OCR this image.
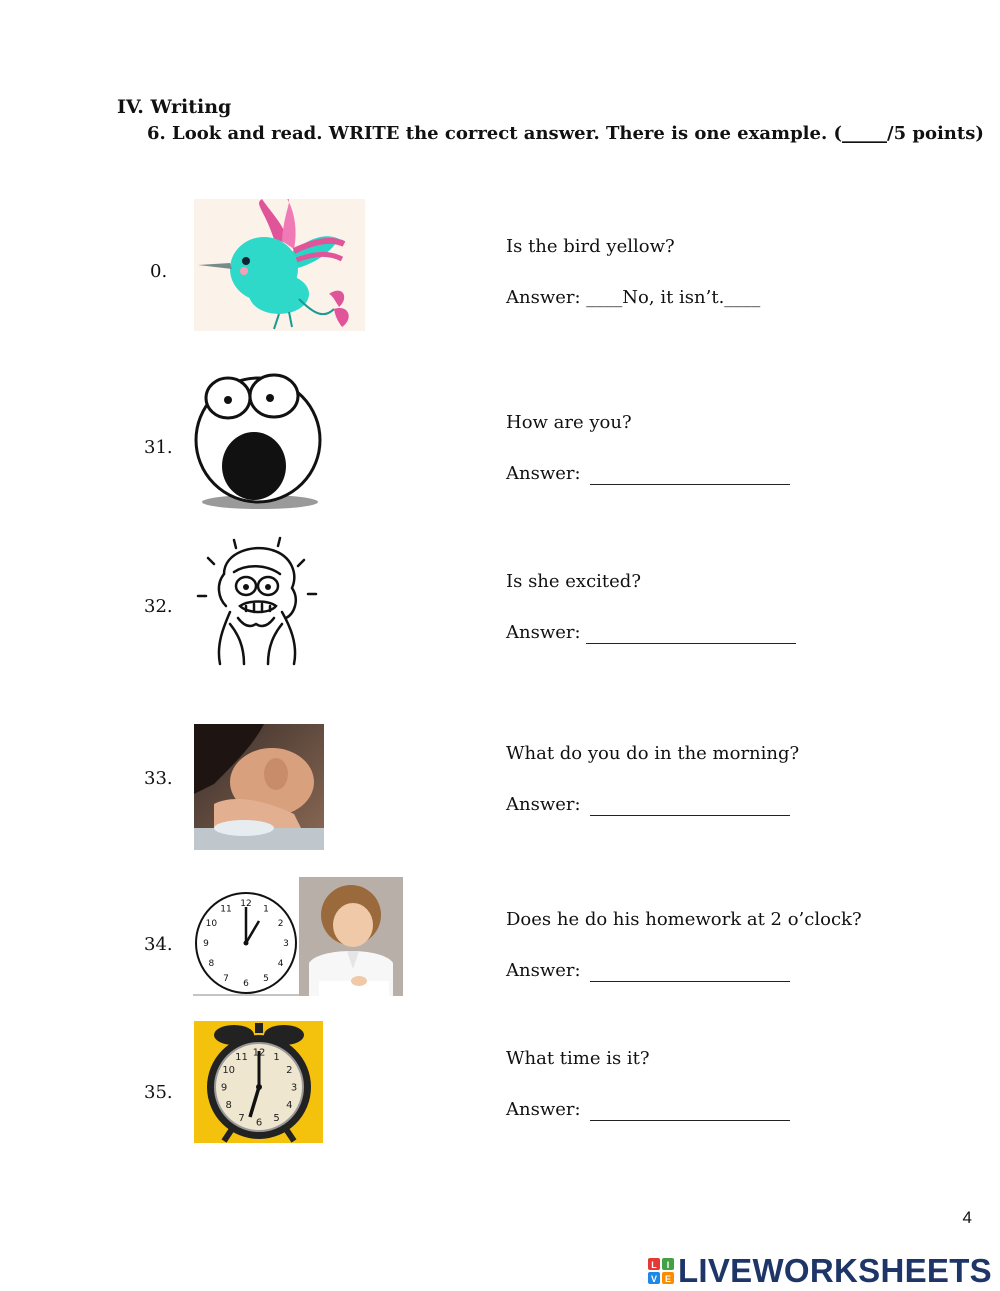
IV. Writing
6. Look and read. WRITE the correct answer. There is one example. (_____/5 points)
0.
Is the bird yellow?
Answer: ____No, it isn’t.____
31.
How are you?
Answer:
32.
Is she excited?
Answer:
33.
What do you do in the morning?
Answer:
34.
12
1
2
3
4
5
6
7
8
9
10
11	Does he do his homework at 2 o’clock?
Answer:
35.
12 1
2
3
4
5
6
7
8
9
10
11	What time is it?
Answer:
4
L I
V E LIVEWORKSHEETS
